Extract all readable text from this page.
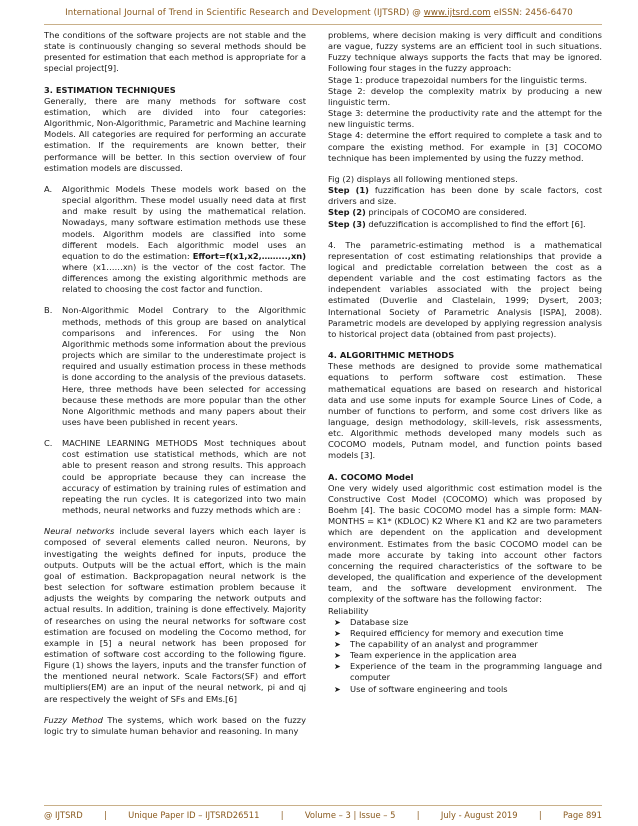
International Journal of Trend in Scientific Research and Development (IJTSRD) @ www.ijtsrd.com eISSN: 2456-6470

The conditions of the software projects are not stable and the state is continuously changing so several methods should be presented for estimation that each method is appropriate for a special project[9].

3. ESTIMATION TECHNIQUES

Generally, there are many methods for software cost estimation, which are divided into four categories: Algorithmic, Non-Algorithmic, Parametric and Machine learning Models. All categories are required for performing an accurate estimation. If the requirements are known better, their performance will be better. In this section overview of four estimation models are discussed.

A. Algorithmic Models These models work based on the special algorithm. These model usually need data at first and make result by using the mathematical relation. Nowadays, many software estimation methods use these models. Algorithm models are classified into some different models. Each algorithmic model uses an equation to do the estimation: Effort=f(x1,x2,……...,xn) where (x1……xn) is the vector of the cost factor. The differences among the existing algorithmic methods are related to choosing the cost factor and function.
B. Non-Algorithmic Model Contrary to the Algorithmic methods, methods of this group are based on analytical comparisons and inferences. For using the Non Algorithmic methods some information about the previous projects which are similar to the underestimate project is required and usually estimation process in these methods is done according to the analysis of the previous datasets. Here, three methods have been selected for accessing because these methods are more popular than the other None Algorithmic methods and many papers about their uses have been published in recent years.
C. MACHINE LEARNING METHODS Most techniques about cost estimation use statistical methods, which are not able to present reason and strong results. This approach could be appropriate because they can increase the accuracy of estimation by training rules of estimation and repeating the run cycles. It is categorized into two main methods, neural networks and fuzzy methods which are :

Neural networks include several layers which each layer is composed of several elements called neuron. Neurons, by investigating the weights defined for inputs, produce the outputs. Outputs will be the actual effort, which is the main goal of estimation. Backpropagation neural network is the best selection for software estimation problem because it adjusts the weights by comparing the network outputs and actual results. In addition, training is done effectively. Majority of researches on using the neural networks for software cost estimation are focused on modeling the Cocomo method, for example in [5] a neural network has been proposed for estimation of software cost according to the following figure. Figure (1) shows the layers, inputs and the transfer function of the mentioned neural network. Scale Factors(SF) and effort multipliers(EM) are an input of the neural network, pi and qj are respectively the weight of SFs and EMs.[6]

Fuzzy Method The systems, which work based on the fuzzy logic try to simulate human behavior and reasoning. In many

problems, where decision making is very difficult and conditions are vague, fuzzy systems are an efficient tool in such situations. Fuzzy technique always supports the facts that may be ignored. Following four stages in the fuzzy approach:

Stage 1: produce trapezoidal numbers for the linguistic terms.

Stage 2: develop the complexity matrix by producing a new linguistic term.

Stage 3: determine the productivity rate and the attempt for the new linguistic terms.

Stage 4: determine the effort required to complete a task and to compare the existing method. For example in [3] COCOMO technique has been implemented by using the fuzzy method.

Fig (2) displays all following mentioned steps.

Step (1) fuzzification has been done by scale factors, cost drivers and size.

Step (2) principals of COCOMO are considered.

Step (3) defuzzification is accomplished to find the effort [6].

4. The parametric-estimating method is a mathematical representation of cost estimating relationships that provide a logical and predictable correlation between the cost as a dependent variable and the cost estimating factors as the independent variables associated with the project being estimated (Duverlie and Clastelain, 1999; Dysert, 2003; International Society of Parametric Analysis [ISPA], 2008). Parametric models are developed by applying regression analysis to historical project data (obtained from past projects).

4. ALGORITHMIC METHODS

These methods are designed to provide some mathematical equations to perform software cost estimation. These mathematical equations are based on research and historical data and use some inputs for example Source Lines of Code, a number of functions to perform, and some cost drivers like as language, design methodology, skill-levels, risk assessments, etc. Algorithmic methods developed many models such as COCOMO models, Putnam model, and function points based models [3].

A. COCOMO Model

One very widely used algorithmic cost estimation model is the Constructive Cost Model (COCOMO) which was proposed by Boehm [4]. The basic COCOMO model has a simple form: MAN-MONTHS = K1* (KDLOC) K2 Where K1 and K2 are two parameters which are dependent on the application and development environment. Estimates from the basic COCOMO model can be made more accurate by taking into account other factors concerning the required characteristics of the software to be developed, the qualification and experience of the development team, and the software development environment. The complexity of the software has the following factor:

Reliability

➤ Database size
➤ Required efficiency for memory and execution time
➤ The capability of an analyst and programmer
➤ Team experience in the application area
➤ Experience of the team in the programming language and computer
➤ Use of software engineering and tools
@ IJTSRD	|	Unique Paper ID – IJTSRD26511	|	Volume – 3 | Issue – 5	|	July - August 2019	|	Page 891
